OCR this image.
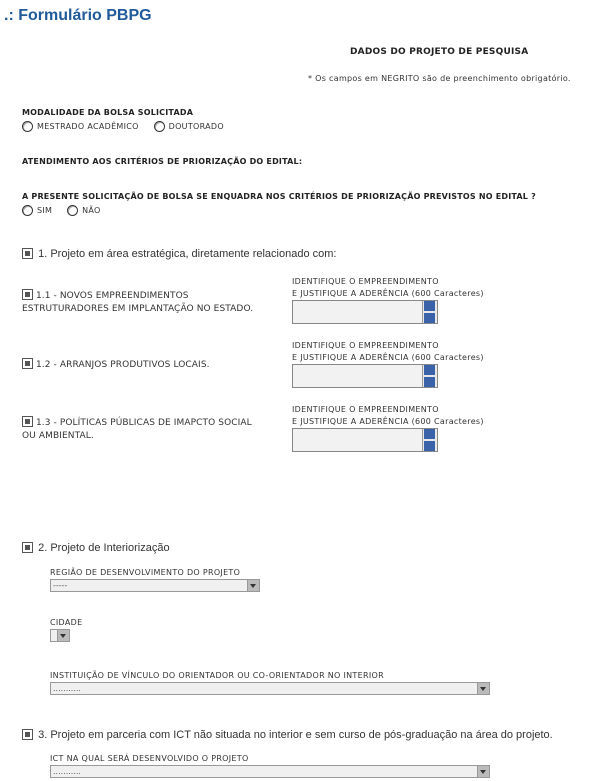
.: Formulário PBPG
DADOS DO PROJETO DE PESQUISA
* Os campos em NEGRITO são de preenchimento obrigatório.
MODALIDADE DA BOLSA SOLICITADA
MESTRADO ACADÊMICO
	DOUTORADO
ATENDIMENTO AOS CRITÉRIOS DE PRIORIZAÇÃO DO EDITAL:
A PRESENTE SOLICITAÇÃO DE BOLSA SE ENQUADRA NOS CRITÉRIOS DE PRIORIZAÇÃO PREVISTOS NO EDITAL ?
SIM
	NÃO
1. Projeto em área estratégica, diretamente relacionado com:
1.1 - NOVOS EMPREENDIMENTOS
ESTRUTURADORES EM IMPLANTAÇÃO NO ESTADO.
IDENTIFIQUE O EMPREENDIMENTO
E JUSTIFIQUE A ADERÊNCIA (600 Caracteres)
1.2 - ARRANJOS PRODUTIVOS LOCAIS.
IDENTIFIQUE O EMPREENDIMENTO
E JUSTIFIQUE A ADERÊNCIA (600 Caracteres)
1.3 - POLÍTICAS PÚBLICAS DE IMAPCTO SOCIAL
OU AMBIENTAL.
IDENTIFIQUE O EMPREENDIMENTO
E JUSTIFIQUE A ADERÊNCIA (600 Caracteres)
2. Projeto de Interiorização
REGIÃO DE DESENVOLVIMENTO DO PROJETO
-----
CIDADE
INSTITUIÇÃO DE VÍNCULO DO ORIENTADOR OU CO-ORIENTADOR NO INTERIOR
...........
3. Projeto em parceria com ICT não situada no interior e sem curso de pós-graduação na área do projeto.
ICT NA QUAL SERÁ DESENVOLVIDO O PROJETO
...........
